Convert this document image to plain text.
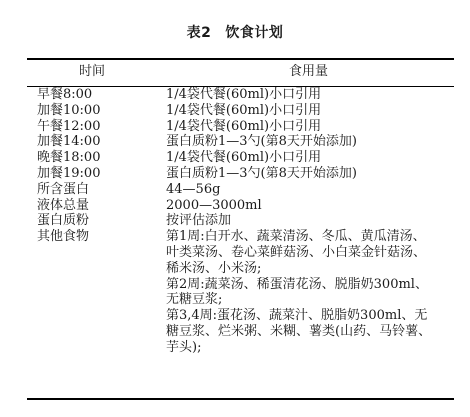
表2 饮食计划
时间	食用量
早餐8:00	1/4袋代餐(60ml)小口引用
加餐10:00	1/4袋代餐(60ml)小口引用
午餐12:00	1/4袋代餐(60ml)小口引用
加餐14:00	蛋白质粉1—3勺(第8天开始添加)
晚餐18:00	1/4袋代餐(60ml)小口引用
加餐19:00	蛋白质粉1—3勺(第8天开始添加)
所含蛋白	44—56g
液体总量	2000—3000ml
蛋白质粉	按评估添加
其他食物	第1周:白开水、蔬菜清汤、冬瓜、黄瓜清汤、
叶类菜汤、卷心菜鲜菇汤、小白菜金针菇汤、
稀米汤、小米汤;
第2周:蔬菜汤、稀蛋清花汤、脱脂奶300ml、
无糖豆浆;
第3,4周:蛋花汤、蔬菜汁、脱脂奶300ml、无
糖豆浆、烂米粥、米糊、薯类(山药、马铃薯、
芋头);
